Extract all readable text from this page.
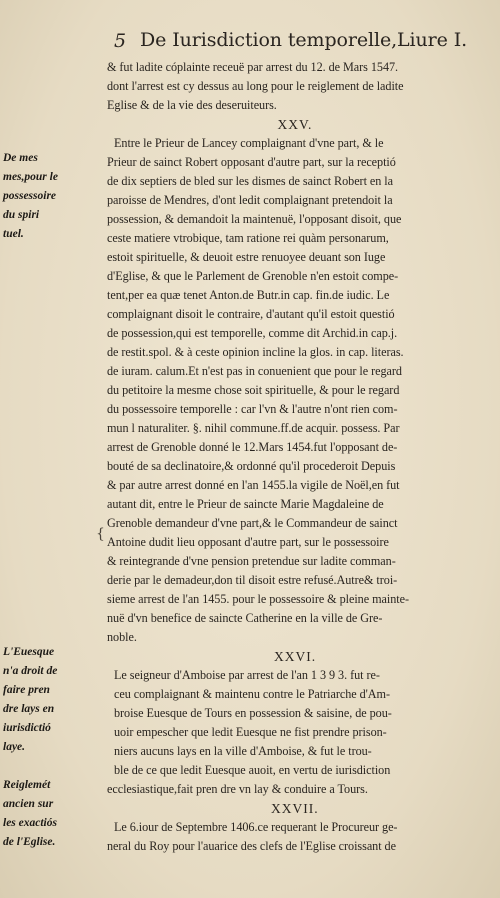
5 De Iurisdiction temporelle,Liure I.
& fut ladite cóplainte receuë par arrest du 12. de Mars 1547.
dont l'arrest est cy dessus au long pour le reiglement de ladite
Eglise & de la vie des deseruiteurs.
Entre le Prieur de Lancey complaignant d'vne part, & le
Prieur de sainct Robert opposant d'autre part, sur la receptió
de dix septiers de bled sur les dismes de sainct Robert en la
paroisse de Mendres, d'ont ledit complaignant pretendoit la
possession, & demandoit la maintenuë, l'opposant disoit, que
ceste matiere vtrobique, tam ratione rei quàm personarum,
estoit spirituelle, & deuoit estre renuoyee deuant son Iuge
d'Eglise, & que le Parlement de Grenoble n'en estoit compe-
tent,per ea quæ tenet Anton.de Butr.in cap. fin.de iudic. Le
complaignant disoit le contraire, d'autant qu'il estoit questió
de possession,qui est temporelle, comme dit Archid.in cap.j.
de restit.spol. & à ceste opinion incline la glos. in cap. literas.
de iuram. calum.Et n'est pas in conuenient que pour le regard
du petitoire la mesme chose soit spirituelle, & pour le regard
du possessoire temporelle : car l'vn & l'autre n'ont rien com-
mun l naturaliter. §. nihil commune.ff.de acquir. possess. Par
arrest de Grenoble donné le 12.Mars 1454.fut l'opposant de-
bouté de sa declinatoire,& ordonné qu'il procederoit Depuis
& par autre arrest donné en l'an 1455.la vigile de Noël,en fut
autant dit, entre le Prieur de saincte Marie Magdaleine de
Grenoble demandeur d'vne part,& le Commandeur de sainct
Antoine dudit lieu opposant d'autre part, sur le possessoire
& reintegrande d'vne pension pretendue sur ladite comman-
derie par le demadeur,don til disoit estre refusé.Autre& troi-
sieme arrest de l'an 1455. pour le possessoire & pleine mainte-
nuë d'vn benefice de saincte Catherine en la ville de Gre-
noble.
Le seigneur d'Amboise par arrest de l'an 1 3 9 3. fut re-
ceu complaignant & maintenu contre le Patriarche d'Am-
broise Euesque de Tours en possession & saisine, de pou-
uoir empescher que ledit Euesque ne fist prendre prison-
niers aucuns lays en la ville d'Amboise, & fut le trou-
ble de ce que ledit Euesque auoit, en vertu de iurisdiction
ecclesiastique,fait pren dre vn lay & conduire a Tours.
Le 6.iour de Septembre 1406.ce requerant le Procureur ge-
neral du Roy pour l'auarice des clefs de l'Eglise croissant de
XXV.
XXVI.
XXVII.
{
De mes
mes,pour le
possessoire
du spiri
tuel.
L'Euesque
n'a droit de
faire pren
dre lays en
iurisdictió
laye.
Reiglemét
ancien sur
les exactiós
de l'Eglise.
